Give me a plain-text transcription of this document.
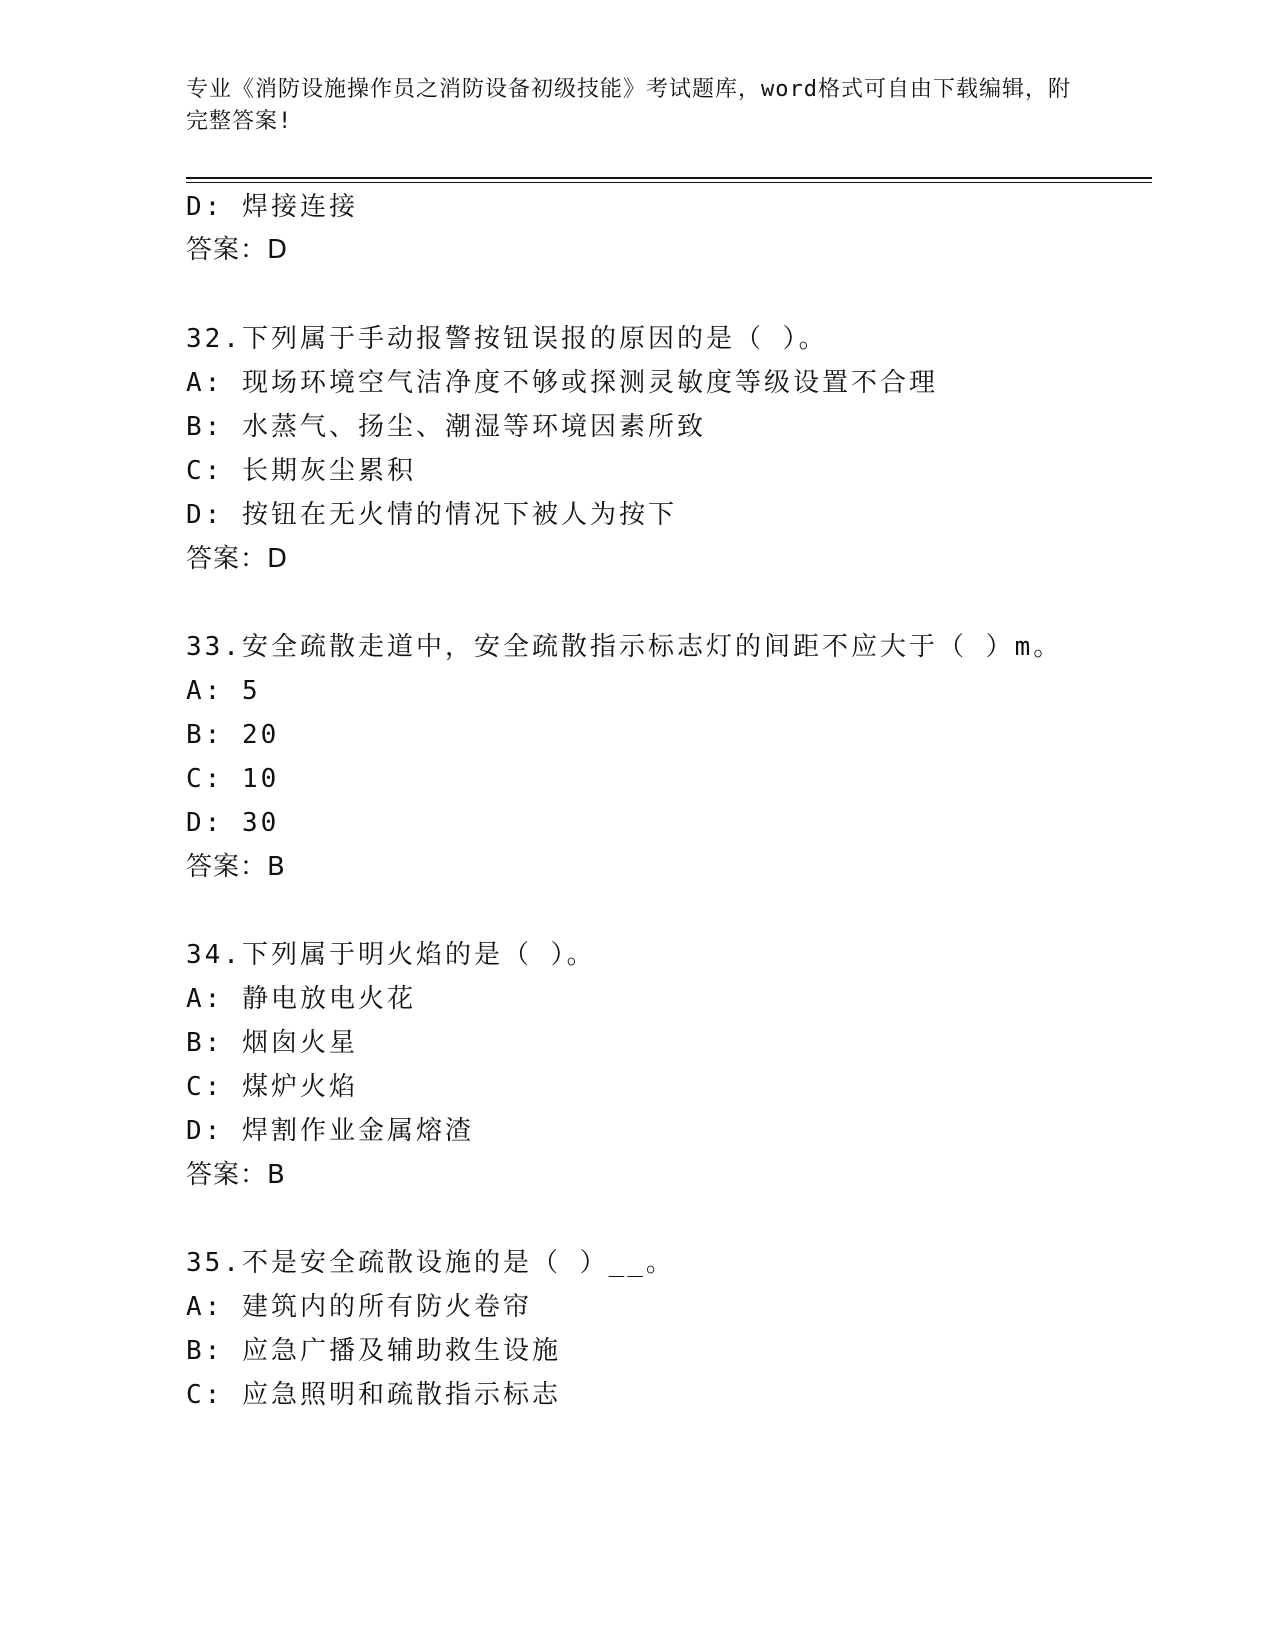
专业《消防设施操作员之消防设备初级技能》考试题库，word格式可自由下载编辑，附完整答案!
D: 焊接连接
答案：D
32.下列属于手动报警按钮误报的原因的是（ ）。
A: 现场环境空气洁净度不够或探测灵敏度等级设置不合理
B: 水蒸气、扬尘、潮湿等环境因素所致
C: 长期灰尘累积
D: 按钮在无火情的情况下被人为按下
答案：D
33.安全疏散走道中，安全疏散指示标志灯的间距不应大于（ ）m。
A: 5
B: 20
C: 10
D: 30
答案：B
34.下列属于明火焰的是（ ）。
A: 静电放电火花
B: 烟囱火星
C: 煤炉火焰
D: 焊割作业金属熔渣
答案：B
35.不是安全疏散设施的是（ ）__。
A: 建筑内的所有防火卷帘
B: 应急广播及辅助救生设施
C: 应急照明和疏散指示标志
